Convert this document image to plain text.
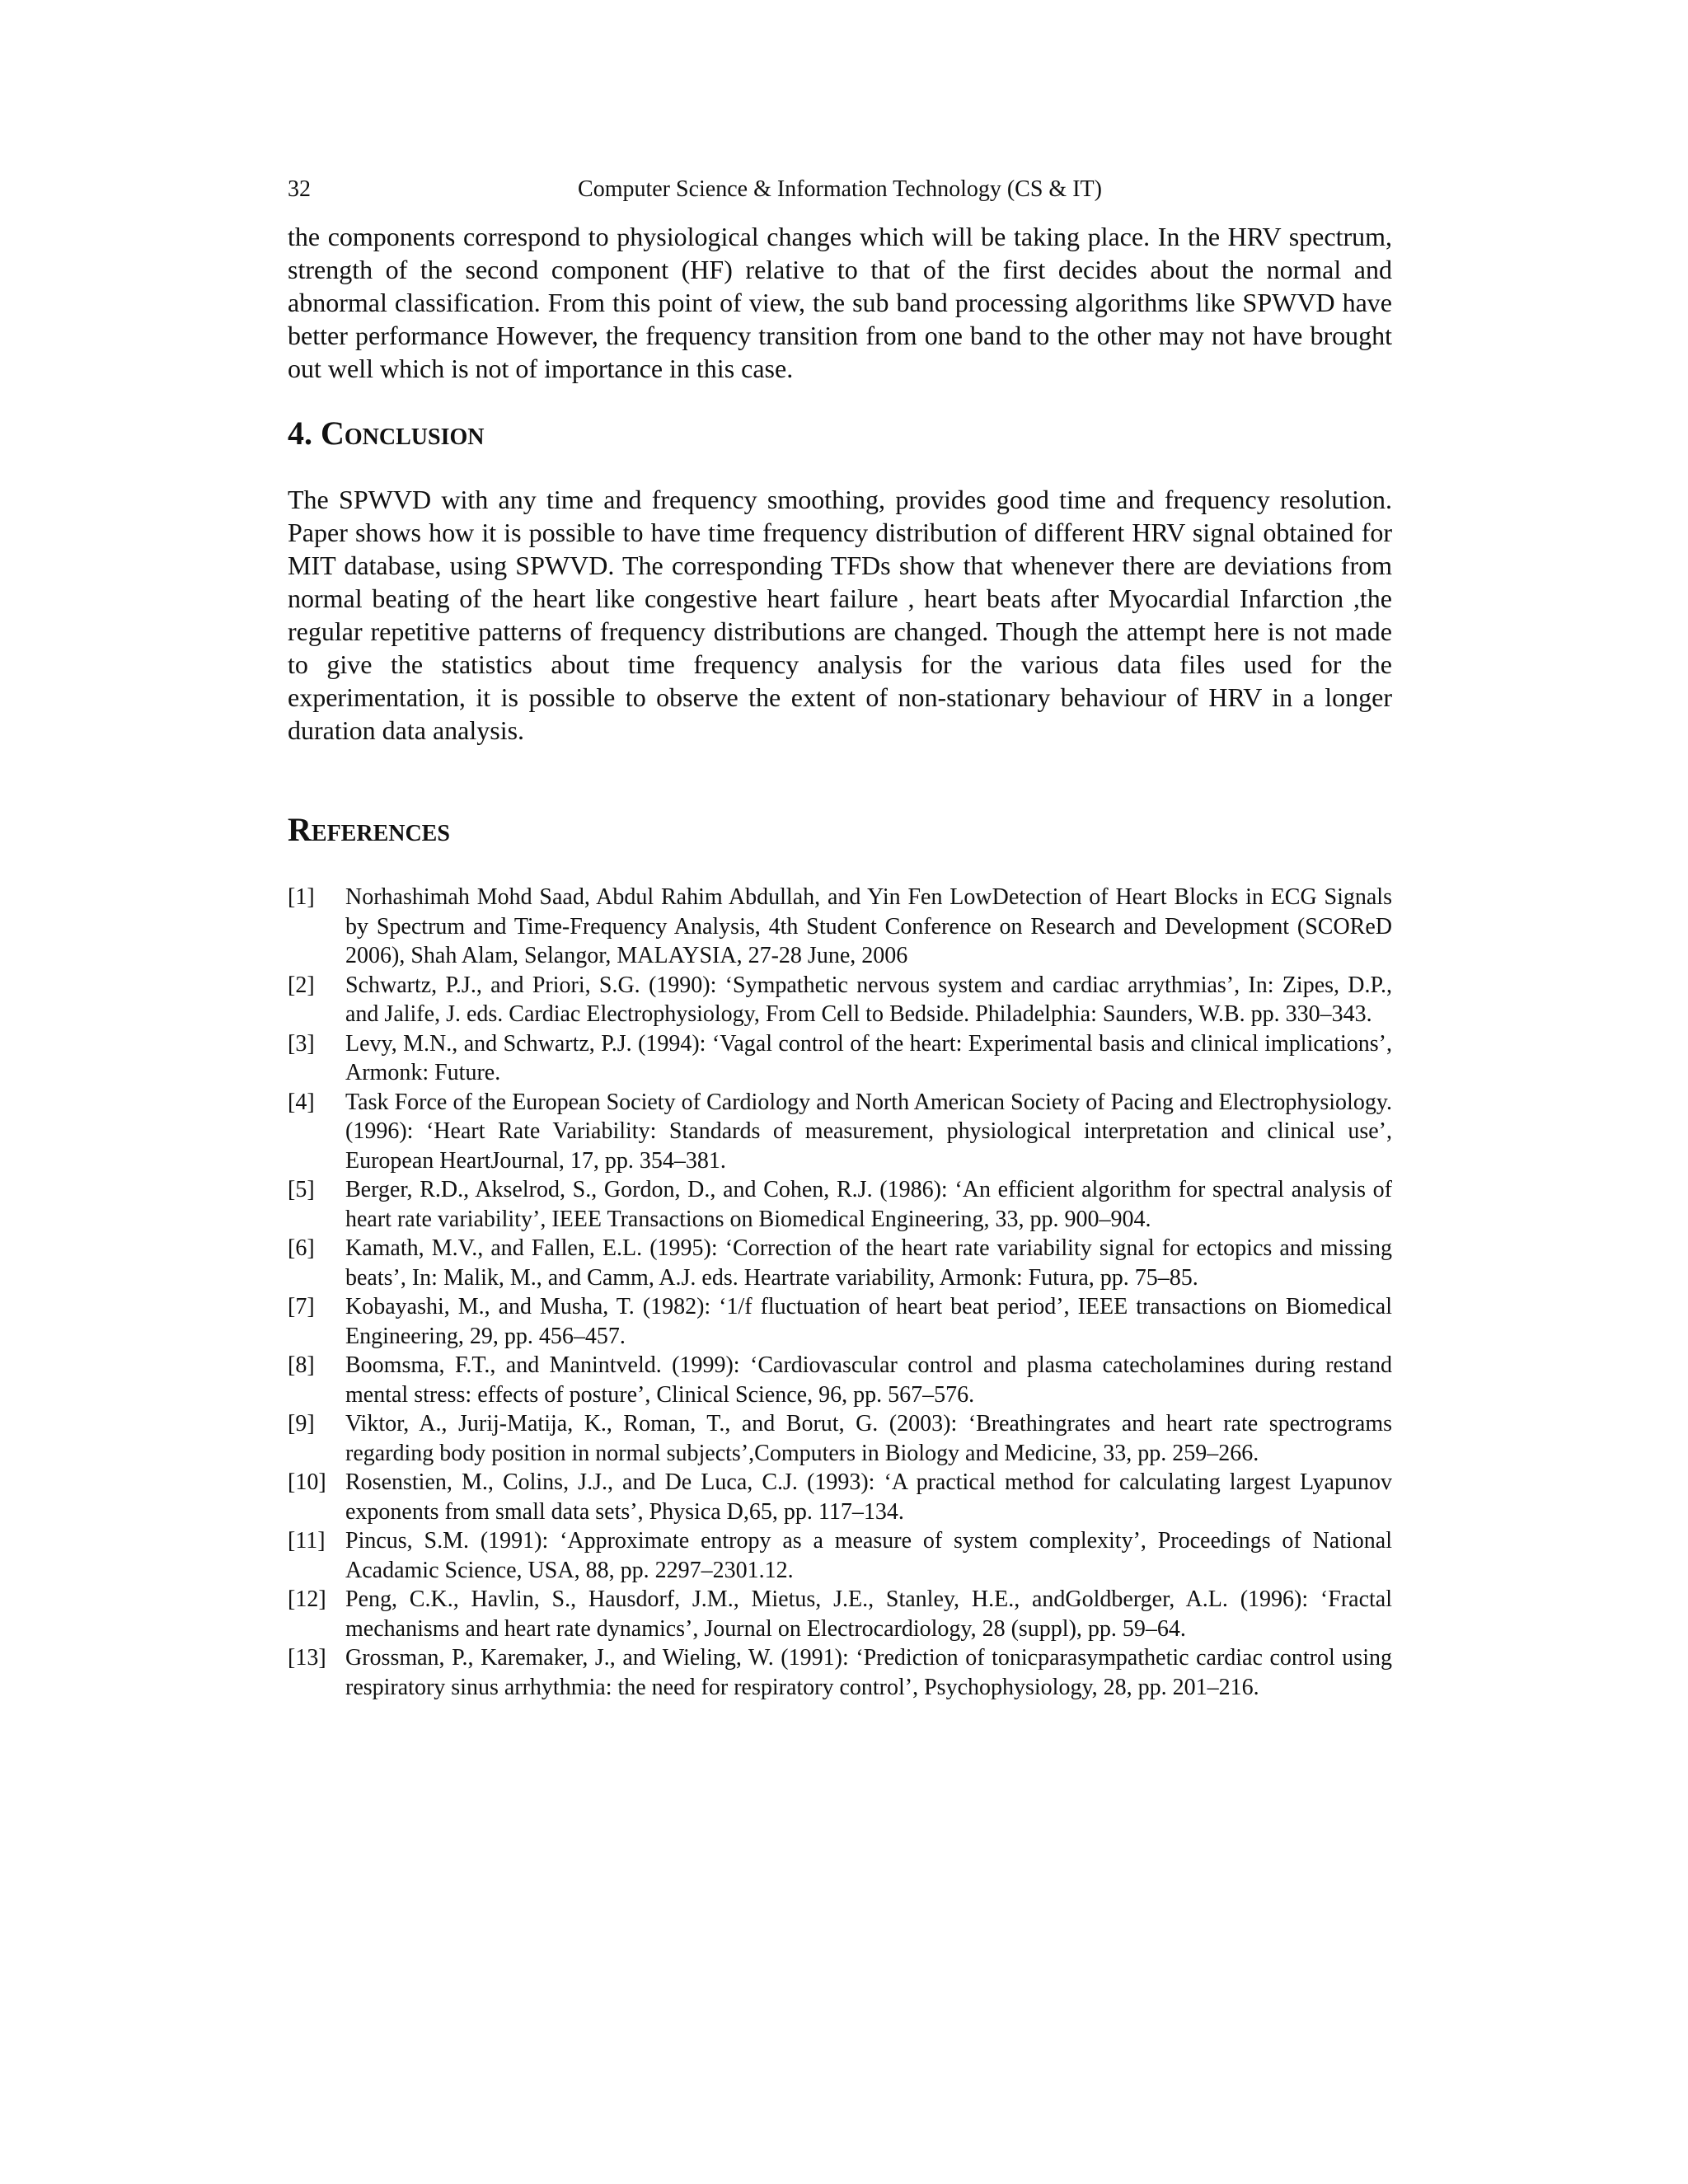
32	Computer Science & Information Technology (CS & IT)

the components correspond to physiological changes which will be taking place. In the HRV spectrum, strength of the second component (HF) relative to that of the first decides about the normal and abnormal classification. From this point of view, the sub band processing algorithms like SPWVD have better performance However, the frequency transition from one band to the other may not have brought out well which is not of importance in this case.

4. Conclusion

The SPWVD with any time and frequency smoothing, provides good time and frequency resolution. Paper shows how it is possible to have time frequency distribution of different HRV signal obtained for MIT database, using SPWVD. The corresponding TFDs show that whenever there are deviations from normal beating of the heart like congestive heart failure , heart beats after Myocardial Infarction ,the regular repetitive patterns of frequency distributions are changed. Though the attempt here is not made to give the statistics about time frequency analysis for the various data files used for the experimentation, it is possible to observe the extent of non-stationary behaviour of HRV in a longer duration data analysis.

References
[1] Norhashimah Mohd Saad, Abdul Rahim Abdullah, and Yin Fen LowDetection of Heart Blocks in ECG Signals by Spectrum and Time-Frequency Analysis, 4th Student Conference on Research and Development (SCOReD 2006), Shah Alam, Selangor, MALAYSIA, 27-28 June, 2006
[2] Schwartz, P.J., and Priori, S.G. (1990): ‘Sympathetic nervous system and cardiac arrythmias’, In: Zipes, D.P., and Jalife, J. eds. Cardiac Electrophysiology, From Cell to Bedside. Philadelphia: Saunders, W.B. pp. 330–343.
[3] Levy, M.N., and Schwartz, P.J. (1994): ‘Vagal control of the heart: Experimental basis and clinical implications’, Armonk: Future.
[4] Task Force of the European Society of Cardiology and North American Society of Pacing and Electrophysiology. (1996): ‘Heart Rate Variability: Standards of measurement, physiological interpretation and clinical use’, European HeartJournal, 17, pp. 354–381.
[5] Berger, R.D., Akselrod, S., Gordon, D., and Cohen, R.J. (1986): ‘An efficient algorithm for spectral analysis of heart rate variability’, IEEE Transactions on Biomedical Engineering, 33, pp. 900–904.
[6] Kamath, M.V., and Fallen, E.L. (1995): ‘Correction of the heart rate variability signal for ectopics and missing beats’, In: Malik, M., and Camm, A.J. eds. Heartrate variability, Armonk: Futura, pp. 75–85.
[7] Kobayashi, M., and Musha, T. (1982): ‘1/f fluctuation of heart beat period’, IEEE transactions on Biomedical Engineering, 29, pp. 456–457.
[8] Boomsma, F.T., and Manintveld. (1999): ‘Cardiovascular control and plasma catecholamines during restand mental stress: effects of posture’, Clinical Science, 96, pp. 567–576.
[9] Viktor, A., Jurij-Matija, K., Roman, T., and Borut, G. (2003): ‘Breathingrates and heart rate spectrograms regarding body position in normal subjects’,Computers in Biology and Medicine, 33, pp. 259–266.
[10] Rosenstien, M., Colins, J.J., and De Luca, C.J. (1993): ‘A practical method for calculating largest Lyapunov exponents from small data sets’, Physica D,65, pp. 117–134.
[11] Pincus, S.M. (1991): ‘Approximate entropy as a measure of system complexity’, Proceedings of National Acadamic Science, USA, 88, pp. 2297–2301.12.
[12] Peng, C.K., Havlin, S., Hausdorf, J.M., Mietus, J.E., Stanley, H.E., andGoldberger, A.L. (1996): ‘Fractal mechanisms and heart rate dynamics’, Journal on Electrocardiology, 28 (suppl), pp. 59–64.
[13] Grossman, P., Karemaker, J., and Wieling, W. (1991): ‘Prediction of tonicparasympathetic cardiac control using respiratory sinus arrhythmia: the need for respiratory control’, Psychophysiology, 28, pp. 201–216.
